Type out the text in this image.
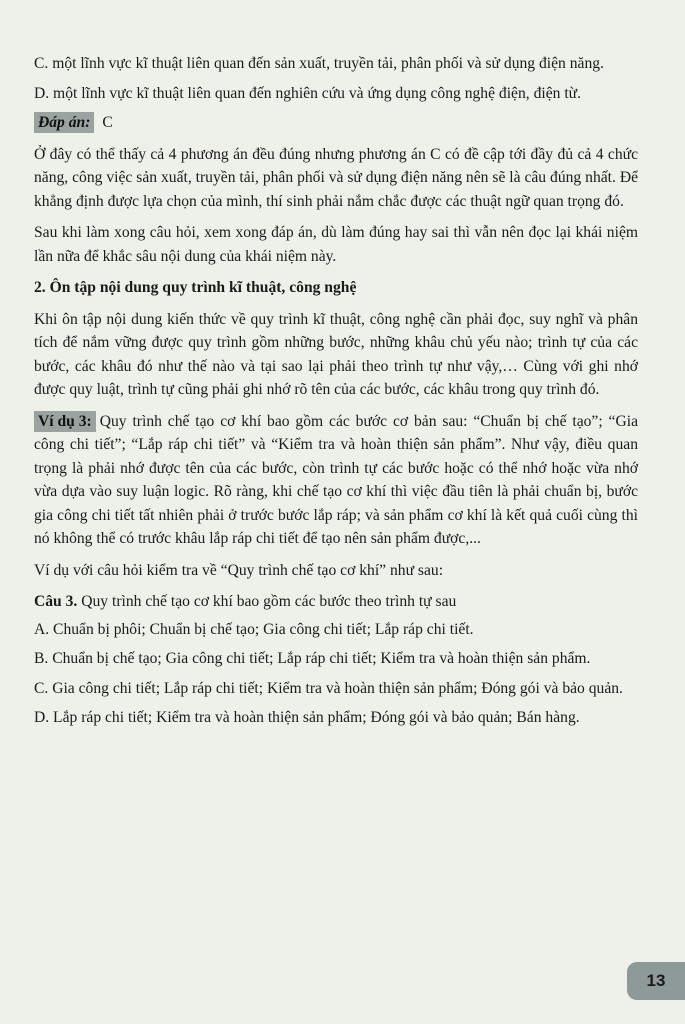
C. một lĩnh vực kĩ thuật liên quan đến sản xuất, truyền tải, phân phối và sử dụng điện năng.

D. một lĩnh vực kĩ thuật liên quan đến nghiên cứu và ứng dụng công nghệ điện, điện từ.

Đáp án: C

Ở đây có thể thấy cả 4 phương án đều đúng nhưng phương án C có đề cập tới đầy đủ cả 4 chức năng, công việc sản xuất, truyền tải, phân phối và sử dụng điện năng nên sẽ là câu đúng nhất. Để khẳng định được lựa chọn của mình, thí sinh phải nắm chắc được các thuật ngữ quan trọng đó.

Sau khi làm xong câu hỏi, xem xong đáp án, dù làm đúng hay sai thì vẫn nên đọc lại khái niệm lần nữa để khắc sâu nội dung của khái niệm này.

2. Ôn tập nội dung quy trình kĩ thuật, công nghệ

Khi ôn tập nội dung kiến thức về quy trình kĩ thuật, công nghệ cần phải đọc, suy nghĩ và phân tích để nắm vững được quy trình gồm những bước, những khâu chủ yếu nào; trình tự của các bước, các khâu đó như thế nào và tại sao lại phải theo trình tự như vậy,… Cùng với ghi nhớ được quy luật, trình tự cũng phải ghi nhớ rõ tên của các bước, các khâu trong quy trình đó.

Ví dụ 3: Quy trình chế tạo cơ khí bao gồm các bước cơ bản sau: “Chuẩn bị chế tạo”; “Gia công chi tiết”; “Lắp ráp chi tiết” và “Kiểm tra và hoàn thiện sản phẩm”. Như vậy, điều quan trọng là phải nhớ được tên của các bước, còn trình tự các bước hoặc có thể nhớ hoặc vừa nhớ vừa dựa vào suy luận logic. Rõ ràng, khi chế tạo cơ khí thì việc đầu tiên là phải chuẩn bị, bước gia công chi tiết tất nhiên phải ở trước bước lắp ráp; và sản phẩm cơ khí là kết quả cuối cùng thì nó không thể có trước khâu lắp ráp chi tiết để tạo nên sản phẩm được,...

Ví dụ với câu hỏi kiểm tra về “Quy trình chế tạo cơ khí” như sau:

Câu 3. Quy trình chế tạo cơ khí bao gồm các bước theo trình tự sau

A. Chuẩn bị phôi; Chuẩn bị chế tạo; Gia công chi tiết; Lắp ráp chi tiết.

B. Chuẩn bị chế tạo; Gia công chi tiết; Lắp ráp chi tiết; Kiểm tra và hoàn thiện sản phẩm.

C. Gia công chi tiết; Lắp ráp chi tiết; Kiểm tra và hoàn thiện sản phẩm; Đóng gói và bảo quản.

D. Lắp ráp chi tiết; Kiểm tra và hoàn thiện sản phẩm; Đóng gói và bảo quản; Bán hàng.

13
